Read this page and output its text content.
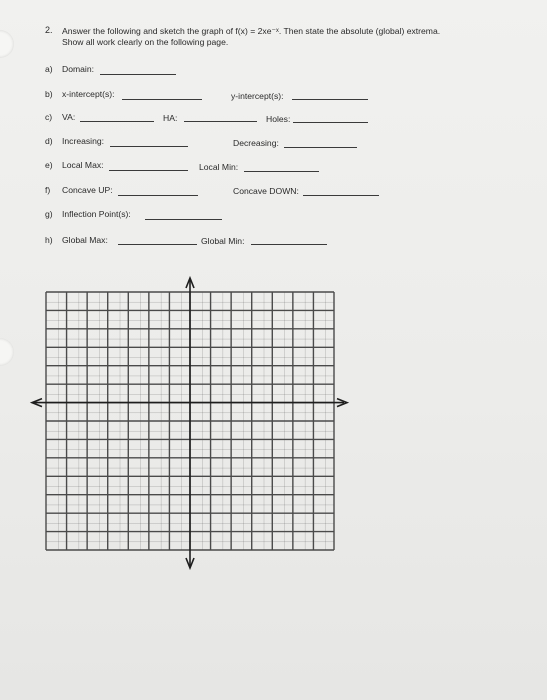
2. Answer the following and sketch the graph of f(x) = 2xe⁻ˣ. Then state the absolute (global) extrema.
Show all work clearly on the following page.
a) Domain:
b) x-intercept(s):	y-intercept(s):
c) VA:	HA:	Holes:
d) Increasing:	Decreasing:
e) Local Max:	Local Min:
f) Concave UP:	Concave DOWN:
g) Inflection Point(s):
h) Global Max:	Global Min:
